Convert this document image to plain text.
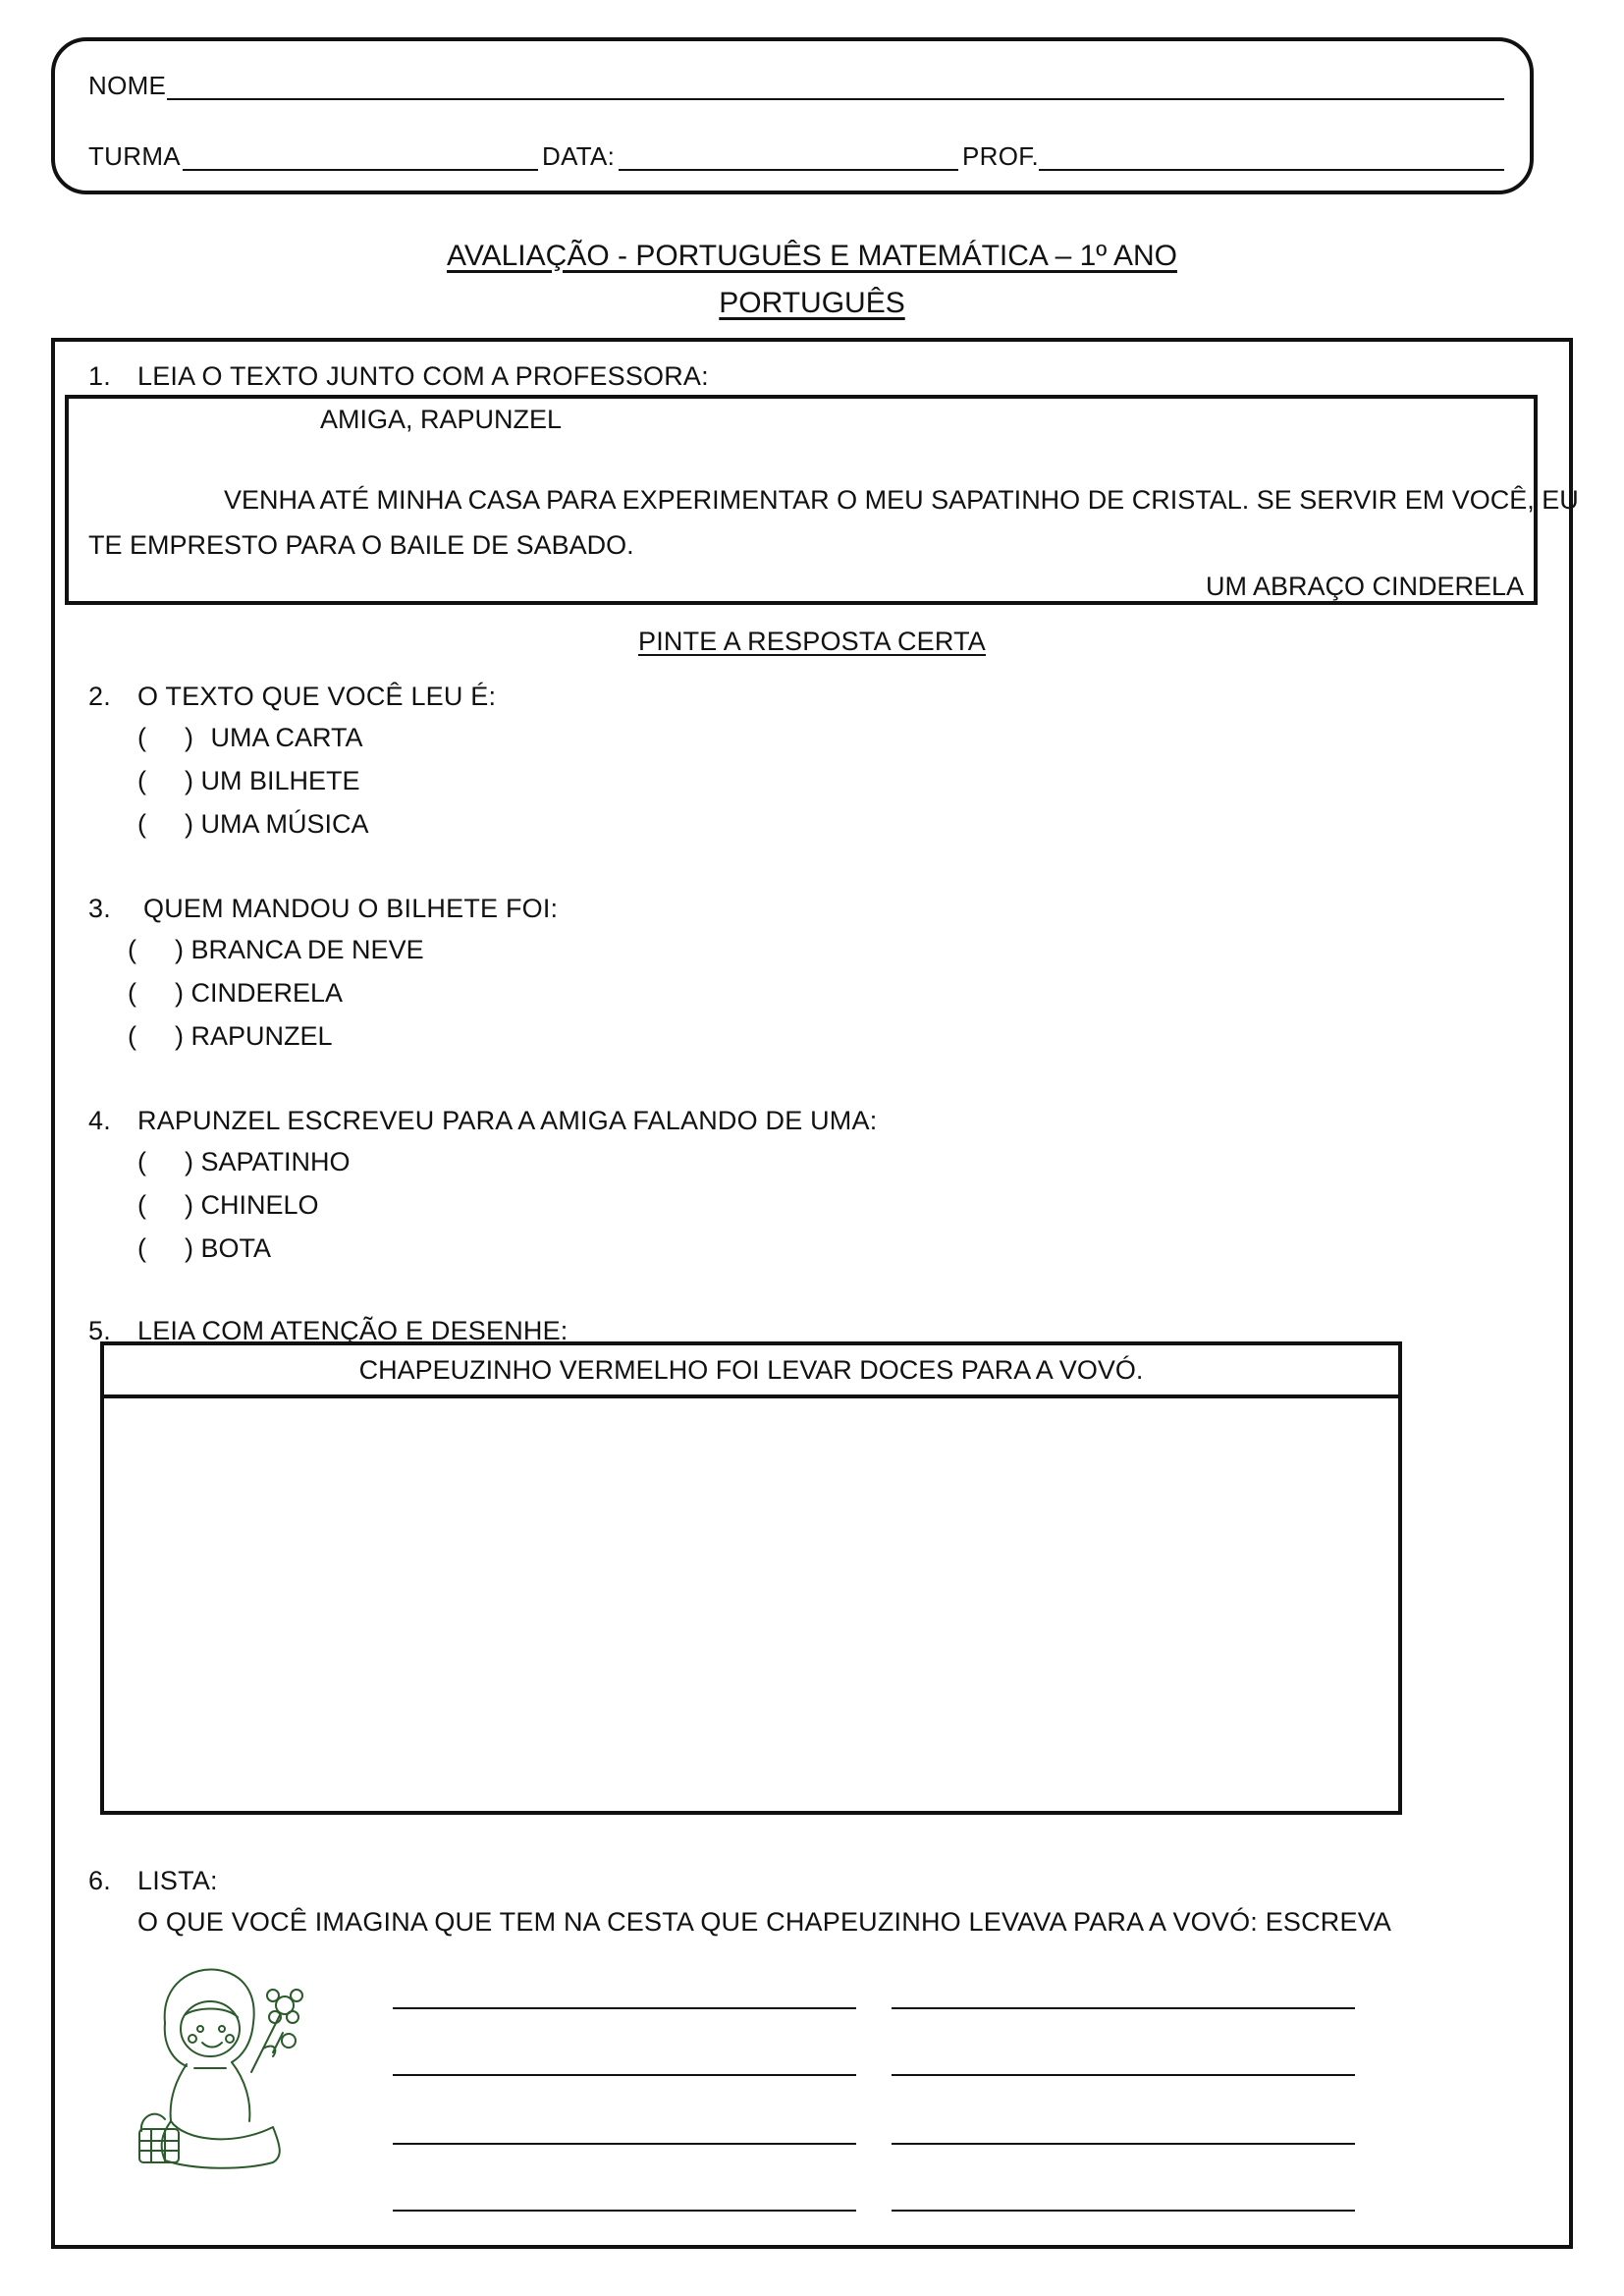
NOME
TURMA	DATA:	PROF.
AVALIAÇÃO - PORTUGUÊS E MATEMÁTICA – 1º ANO
PORTUGUÊS
1. LEIA O TEXTO JUNTO COM A PROFESSORA:
AMIGA, RAPUNZEL
VENHA ATÉ MINHA CASA PARA EXPERIMENTAR O MEU SAPATINHO DE CRISTAL. SE SERVIR EM VOCÊ, EU
TE EMPRESTO PARA O BAILE DE SABADO.
UM ABRAÇO CINDERELA
PINTE A RESPOSTA CERTA
2. O TEXTO QUE VOCÊ LEU É:
( ) UMA CARTA
( ) UM BILHETE
( ) UMA MÚSICA
3. QUEM MANDOU O BILHETE FOI:
( ) BRANCA DE NEVE
( ) CINDERELA
( ) RAPUNZEL
4. RAPUNZEL ESCREVEU PARA A AMIGA FALANDO DE UMA:
( ) SAPATINHO
( ) CHINELO
( ) BOTA
5. LEIA COM ATENÇÃO E DESENHE:
CHAPEUZINHO VERMELHO FOI LEVAR DOCES PARA A VOVÓ.
6. LISTA:
O QUE VOCÊ IMAGINA QUE TEM NA CESTA QUE CHAPEUZINHO LEVAVA PARA A VOVÓ: ESCREVA
